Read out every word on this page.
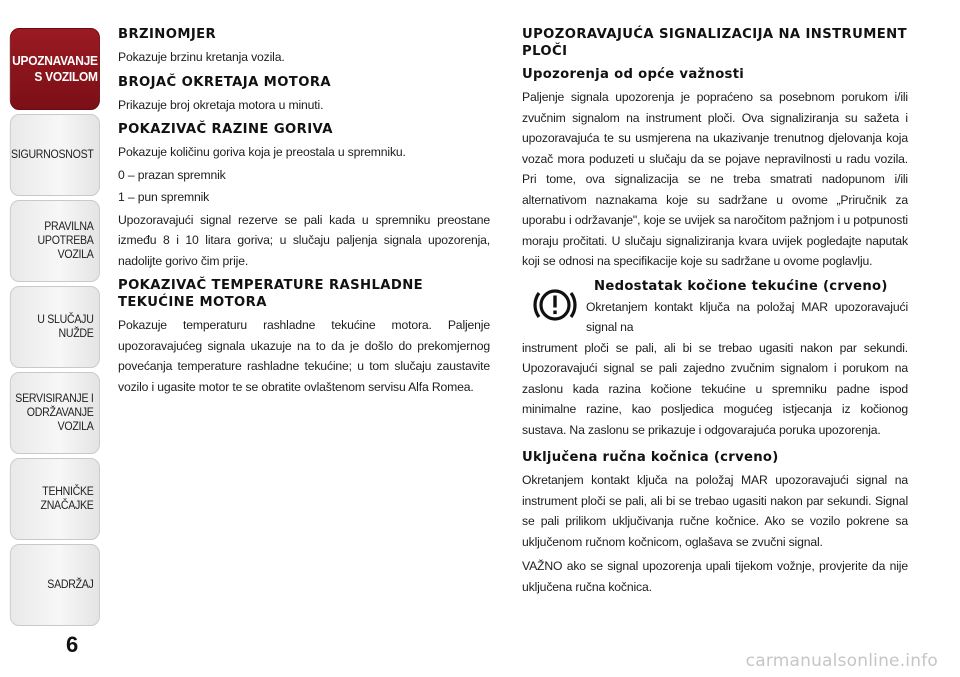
UPOZNAVANJE
S VOZILOM
SIGURNOSNOST
PRAVILNA
UPOTREBA
VOZILA
U SLUČAJU
NUŽDE
SERVISIRANJE I
ODRŽAVANJE
VOZILA
TEHNIČKE
ZNAČAJKE
SADRŽAJ
6
BRZINOMJER

Pokazuje brzinu kretanja vozila.

BROJAČ OKRETAJA MOTORA

Prikazuje broj okretaja motora u minuti.

POKAZIVAČ RAZINE GORIVA

Pokazuje količinu goriva koja je preostala u spremniku.

0 – prazan spremnik

1 – pun spremnik

Upozoravajući signal rezerve se pali kada u spremniku preostane između 8 i 10 litara goriva; u slučaju paljenja signala upozorenja, nadolijte gorivo čim prije.

POKAZIVAČ TEMPERATURE RASHLADNE TEKUĆINE MOTORA

Pokazuje temperaturu rashladne tekućine motora. Paljenje upozoravajućeg signala ukazuje na to da je došlo do prekomjernog povećanja temperature rashladne tekućine; u tom slučaju zaustavite vozilo i ugasite motor te se obratite ovlaštenom servisu Alfa Romea.

UPOZORAVAJUĆA SIGNALIZACIJA NA INSTRUMENT PLOČI
Upozorenja od opće važnosti

Paljenje signala upozorenja je popraćeno sa posebnom porukom i/ili zvučnim signalom na instrument ploči. Ova signaliziranja su sažeta i upozoravajuća te su usmjerena na ukazivanje trenutnog djelovanja koja vozač mora poduzeti u slučaju da se pojave nepravilnosti u radu vozila. Pri tome, ova signalizacija se ne treba smatrati nadopunom i/ili alternativom naznakama koje su sadržane u ovome „Priručnik za uporabu i održavanje", koje se uvijek sa naročitom pažnjom i u potpunosti moraju pročitati. U slučaju signaliziranja kvara uvijek pogledajte naputak koji se odnosi na specifikacije koje su sadržane u ovome poglavlju.

Nedostatak kočione tekućine (crveno)

Okretanjem kontakt ključa na položaj MAR upozoravajući signal na

instrument ploči se pali, ali bi se trebao ugasiti nakon par sekundi. Upozoravajući signal se pali zajedno zvučnim signalom i porukom na zaslonu kada razina kočione tekućine u spremniku padne ispod minimalne razine, kao posljedica mogućeg istjecanja iz kočionog sustava. Na zaslonu se prikazuje i odgovarajuća poruka upozorenja.

Uključena ručna kočnica (crveno)

Okretanjem kontakt ključa na položaj MAR upozoravajući signal na instrument ploči se pali, ali bi se trebao ugasiti nakon par sekundi. Signal se pali prilikom uključivanja ručne kočnice. Ako se vozilo pokrene sa uključenom ručnom kočnicom, oglašava se zvučni signal.

VAŽNO ako se signal upozorenja upali tijekom vožnje, provjerite da nije uključena ručna kočnica.

carmanualsonline.info
